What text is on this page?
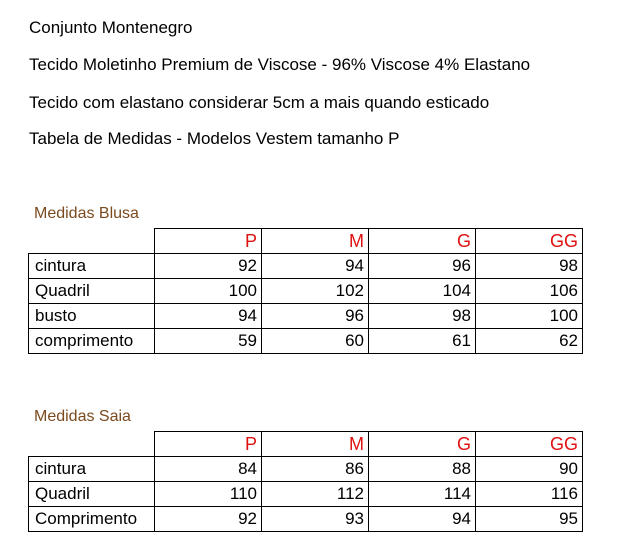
Conjunto Montenegro
Tecido Moletinho Premium de Viscose - 96% Viscose 4% Elastano
Tecido com elastano considerar 5cm a mais quando esticado
Tabela de Medidas - Modelos Vestem tamanho P
Medidas Blusa
	P	M	G	GG
cintura	92	94	96	98
Quadril	100	102	104	106
busto	94	96	98	100
comprimento	59	60	61	62
Medidas Saia
	P	M	G	GG
cintura	84	86	88	90
Quadril	110	112	114	116
Comprimento	92	93	94	95
